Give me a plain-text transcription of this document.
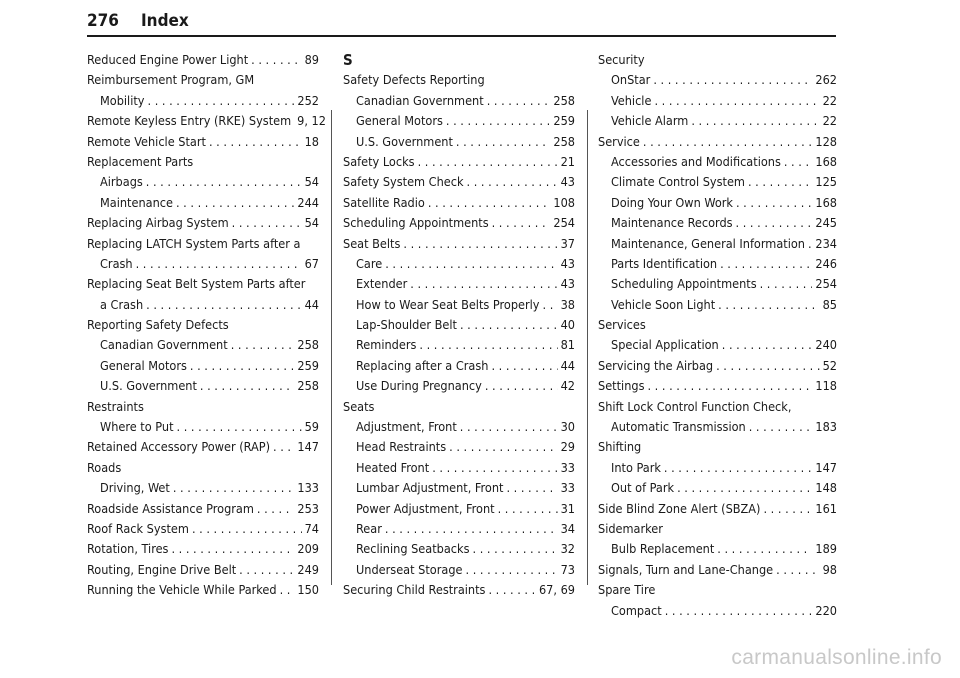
276 Index
Reduced Engine Power Light . . .	89
Reimbursement Program, GM
Mobility . . .	252
Remote Keyless Entry (RKE) System 9, 12
Remote Vehicle Start . . .	18
Replacement Parts
Airbags . . .	54
Maintenance . . .	244
Replacing Airbag System . . .	54
Replacing LATCH System Parts after a
Crash . . .	67
Replacing Seat Belt System Parts after
a Crash . . .	44
Reporting Safety Defects
Canadian Government . . .	258
General Motors . . .	259
U.S. Government . . .	258
Restraints
Where to Put . . .	59
Retained Accessory Power (RAP) . . . 147
Roads
Driving, Wet . . .	133
Roadside Assistance Program . . .	253
Roof Rack System . . .	74
Rotation, Tires . . .	209
Routing, Engine Drive Belt . . .	249
Running the Vehicle While Parked . . . 150
S
Safety Defects Reporting
Canadian Government . . .	258
General Motors . . .	259
U.S. Government . . .	258
Safety Locks . . .	21
Safety System Check . . .	43
Satellite Radio . . .	108
Scheduling Appointments . . .	254
Seat Belts . . .	37
Care . . .	43
Extender . . .	43
How to Wear Seat Belts Properly . . . 38
Lap-Shoulder Belt . . .	40
Reminders . . .	81
Replacing after a Crash . . .	44
Use During Pregnancy . . .	42
Seats
Adjustment, Front . . .	30
Head Restraints . . .	29
Heated Front . . .	33
Lumbar Adjustment, Front . . .	33
Power Adjustment, Front . . .	31
Rear . . .	34
Reclining Seatbacks . . .	32
Underseat Storage . . .	73
Securing Child Restraints . . .	67, 69
Security
OnStar . . .	262
Vehicle . . .	22
Vehicle Alarm . . .	22
Service . . .	128
Accessories and Modifications . . .	168
Climate Control System . . .	125
Doing Your Own Work . . .	168
Maintenance Records . . .	245
Maintenance, General Information . . . 234
Parts Identification . . .	246
Scheduling Appointments . . .	254
Vehicle Soon Light . . .	85
Services
Special Application . . .	240
Servicing the Airbag . . .	52
Settings . . .	118
Shift Lock Control Function Check,
Automatic Transmission . . .	183
Shifting
Into Park . . .	147
Out of Park . . .	148
Side Blind Zone Alert (SBZA) . . .	161
Sidemarker
Bulb Replacement . . .	189
Signals, Turn and Lane-Change . . .	98
Spare Tire
Compact . . .	220
carmanualsonline.info
